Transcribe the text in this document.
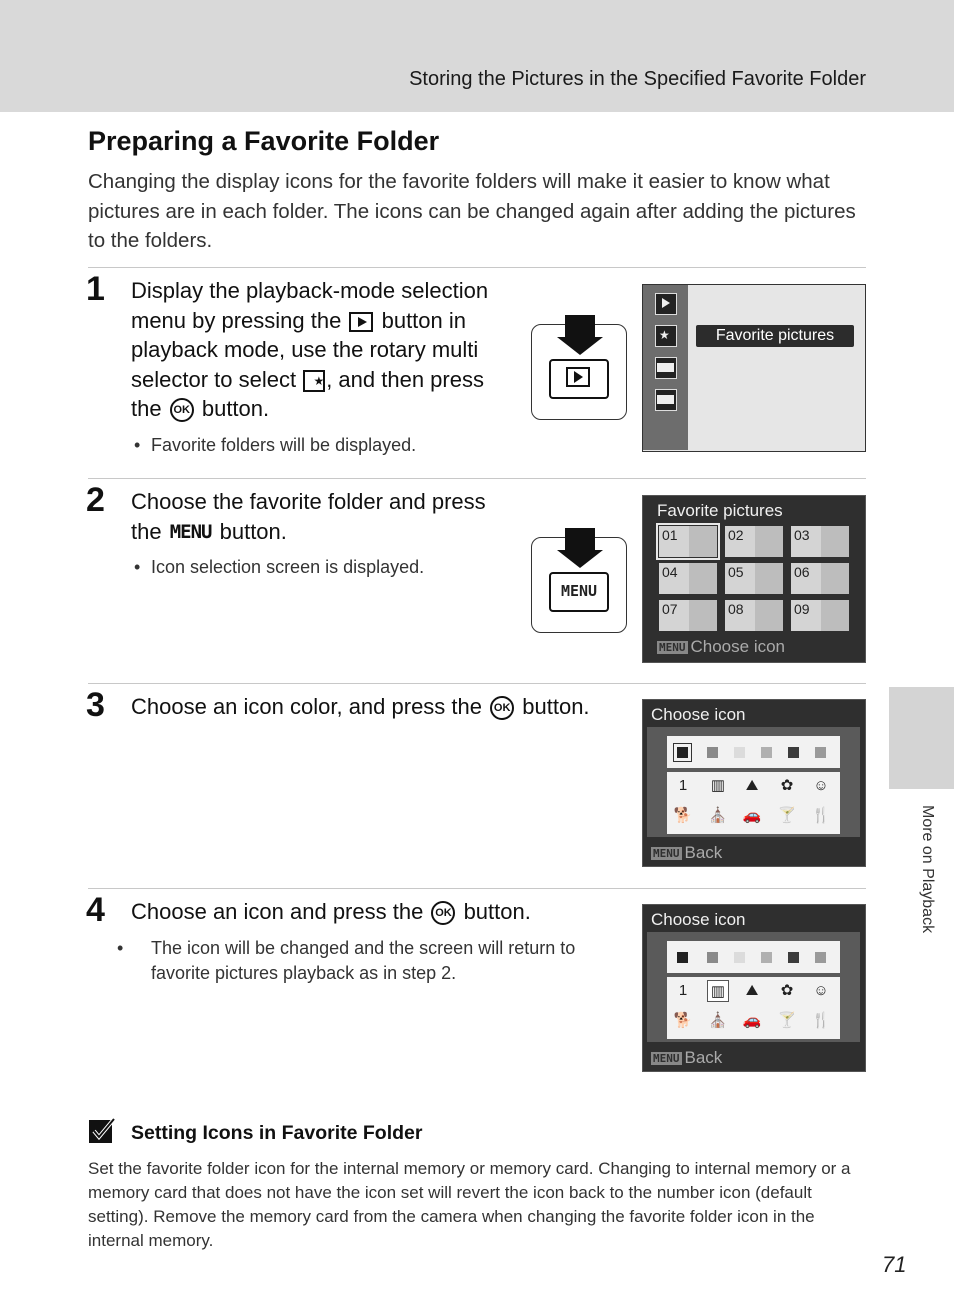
Storing the Pictures in the Specified Favorite Folder
Preparing a Favorite Folder
Changing the display icons for the favorite folders will make it easier to know what pictures are in each folder. The icons can be changed again after adding the pictures to the folders.
1 Display the playback-mode selection menu by pressing the button in playback mode, use the rotary multi selector to select ★ , and then press the OK button.
• Favorite folders will be displayed.
★	Favorite pictures
2 Choose the favorite folder and press the MENU button.
• Icon selection screen is displayed.
MENU
Favorite pictures
01	02	03
04	05	06
07	08	09
MENU Choose icon
3 Choose an icon color, and press the OK button.	Choose icon
1	▥	⛰	✿	☺
🐕 ⛪ 🚗 🍸 🍴
MENU Back
4 Choose an icon and press the OK button.
• The icon will be changed and the screen will return to favorite pictures playback as in step 2.
Choose icon
1	▥	⛰	✿	☺
🐕 ⛪ 🚗 🍸 🍴
MENU Back
More on Playback
Setting Icons in Favorite Folder
Set the favorite folder icon for the internal memory or memory card. Changing to internal memory or a memory card that does not have the icon set will revert the icon back to the number icon (default setting). Remove the memory card from the camera when changing the favorite folder icon in the internal memory.
71
